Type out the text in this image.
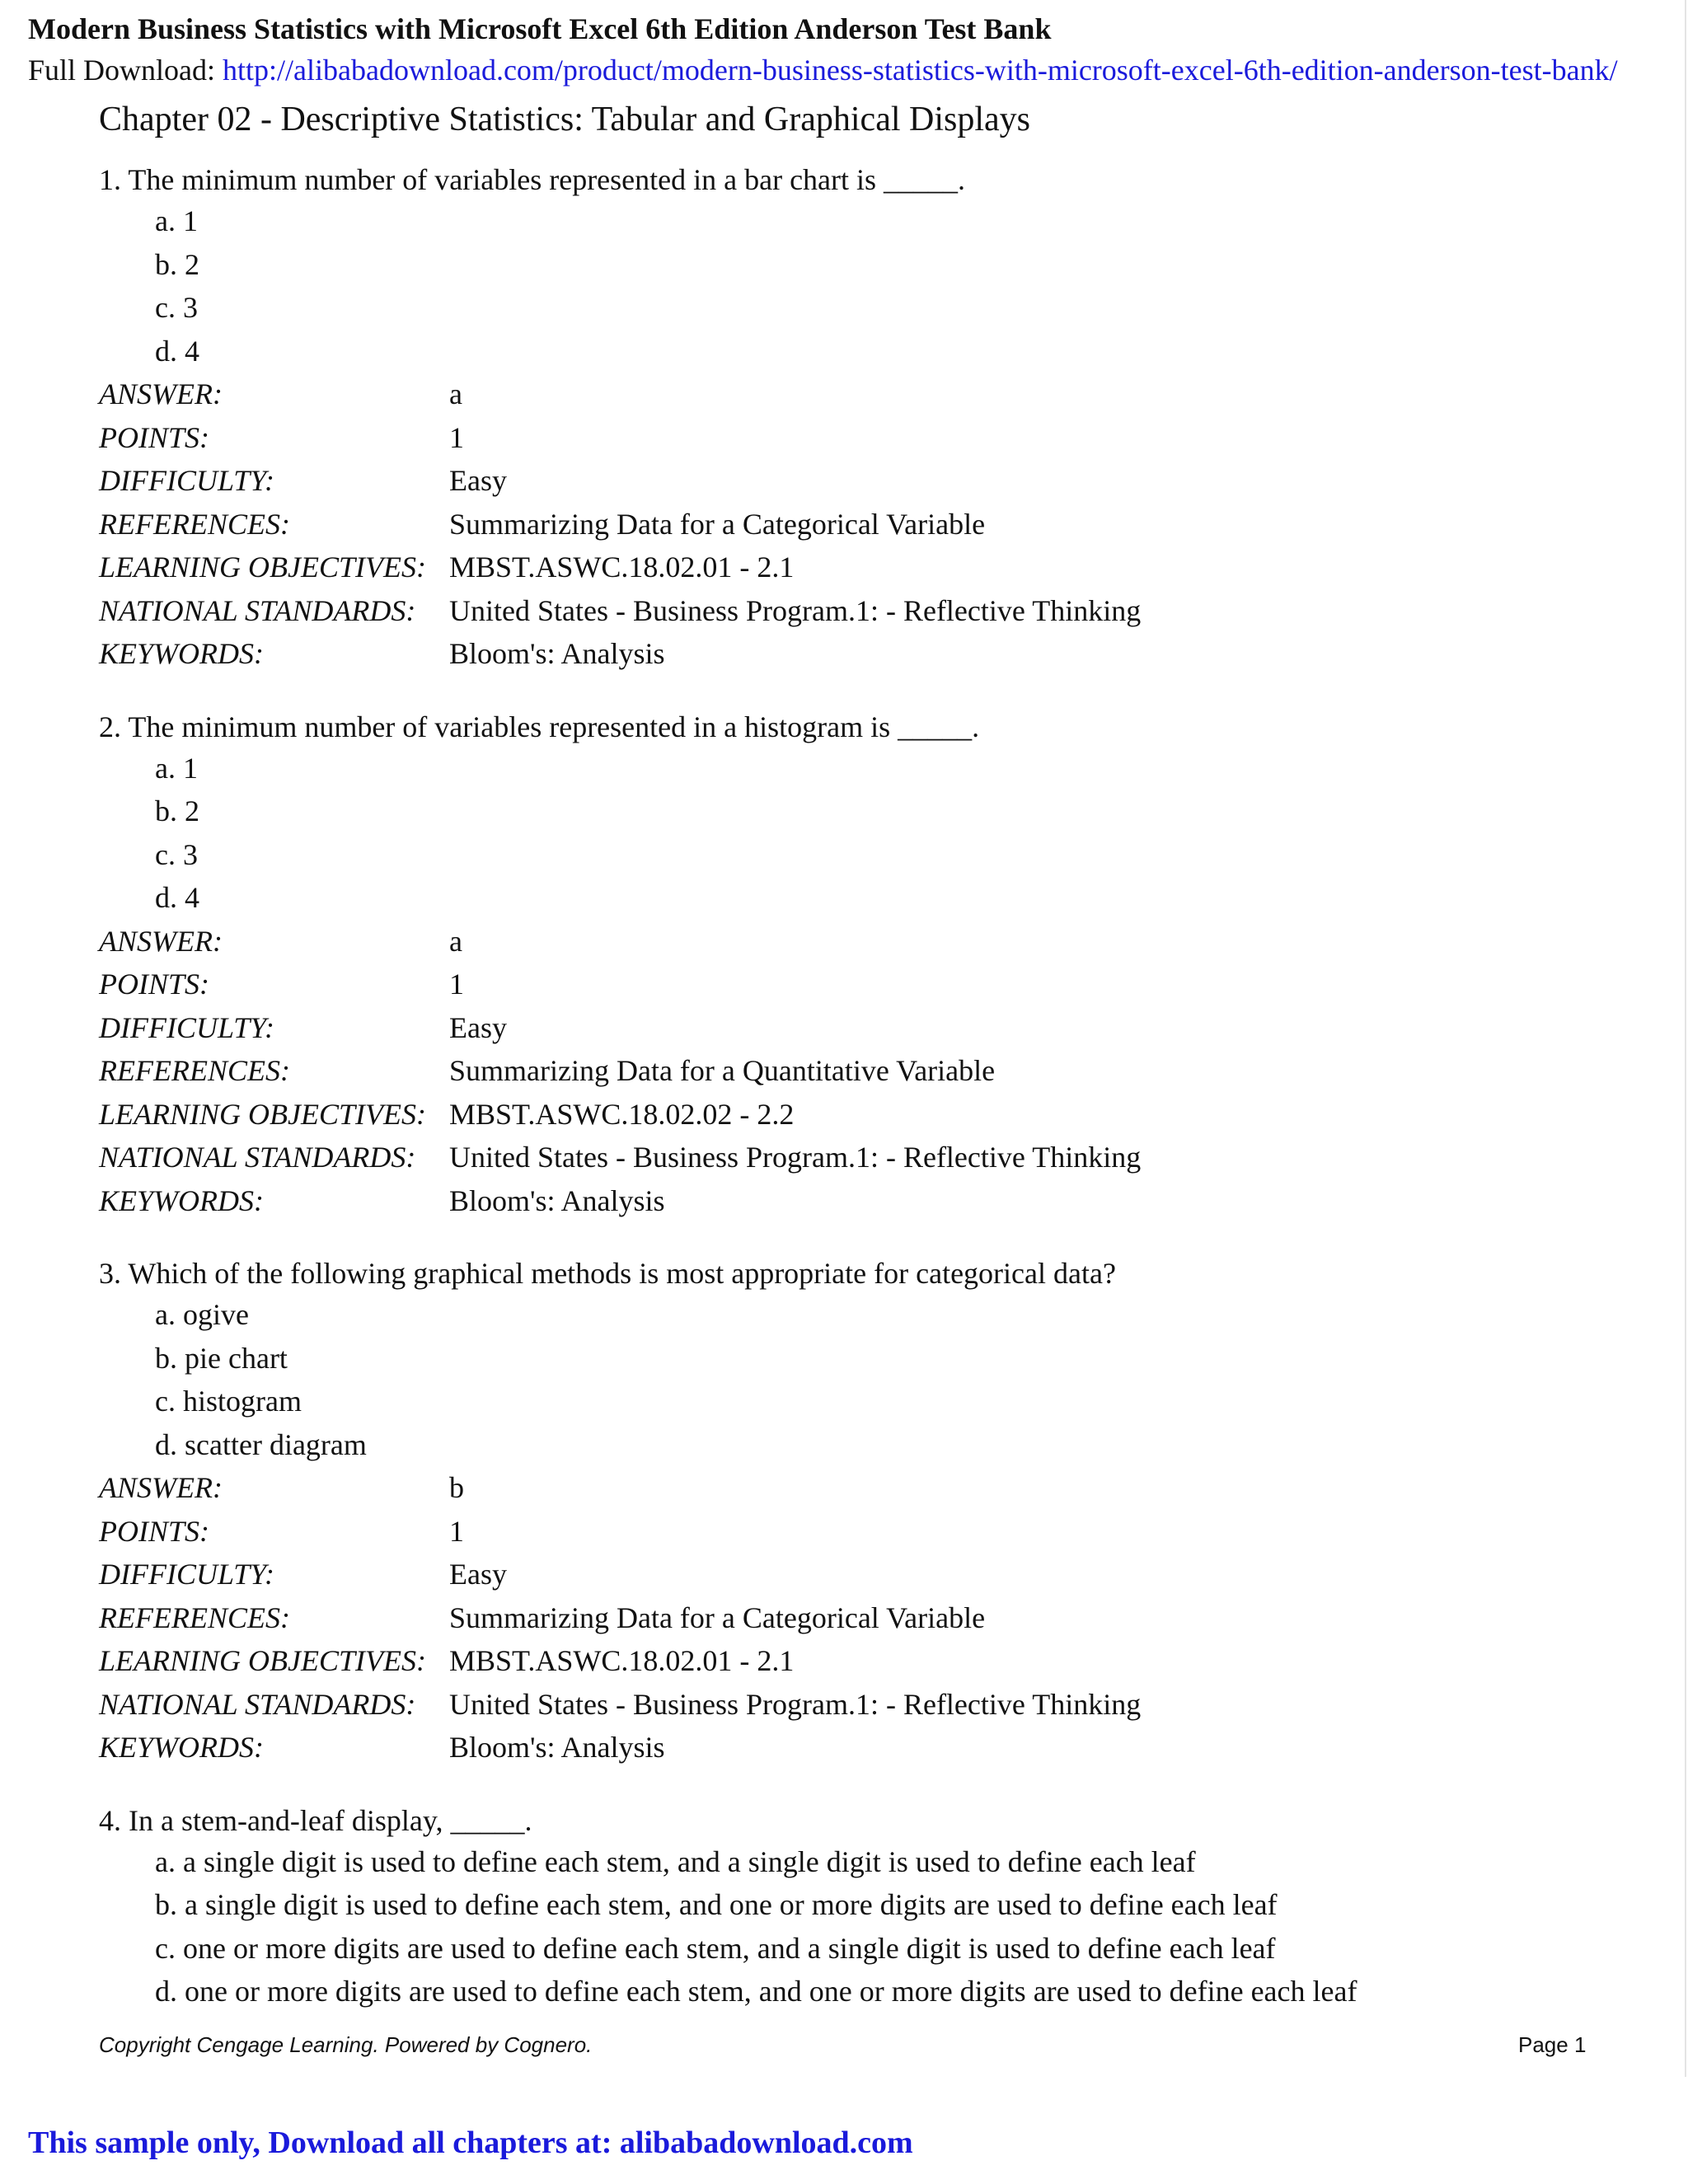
Modern Business Statistics with Microsoft Excel 6th Edition Anderson Test Bank
Full Download: http://alibabadownload.com/product/modern-business-statistics-with-microsoft-excel-6th-edition-anderson-test-bank/
Chapter 02 - Descriptive Statistics: Tabular and Graphical Displays
1. The minimum number of variables represented in a bar chart is _____.
a. 1
b. 2
c. 3
d. 4
ANSWER:	a
POINTS:	1
DIFFICULTY:	Easy
REFERENCES:	Summarizing Data for a Categorical Variable
LEARNING OBJECTIVES: MBST.ASWC.18.02.01 - 2.1
NATIONAL STANDARDS:	United States - Business Program.1: - Reflective Thinking
KEYWORDS:	Bloom's: Analysis
2. The minimum number of variables represented in a histogram is _____.
a. 1
b. 2
c. 3
d. 4
ANSWER:	a
POINTS:	1
DIFFICULTY:	Easy
REFERENCES:	Summarizing Data for a Quantitative Variable
LEARNING OBJECTIVES: MBST.ASWC.18.02.02 - 2.2
NATIONAL STANDARDS:	United States - Business Program.1: - Reflective Thinking
KEYWORDS:	Bloom's: Analysis
3. Which of the following graphical methods is most appropriate for categorical data?
a. ogive
b. pie chart
c. histogram
d. scatter diagram
ANSWER:	b
POINTS:	1
DIFFICULTY:	Easy
REFERENCES:	Summarizing Data for a Categorical Variable
LEARNING OBJECTIVES: MBST.ASWC.18.02.01 - 2.1
NATIONAL STANDARDS:	United States - Business Program.1: - Reflective Thinking
KEYWORDS:	Bloom's: Analysis
4. In a stem-and-leaf display, _____.
a. a single digit is used to define each stem, and a single digit is used to define each leaf
b. a single digit is used to define each stem, and one or more digits are used to define each leaf
c. one or more digits are used to define each stem, and a single digit is used to define each leaf
d. one or more digits are used to define each stem, and one or more digits are used to define each leaf
Copyright Cengage Learning. Powered by Cognero.	Page 1
This sample only, Download all chapters at: alibabadownload.com
